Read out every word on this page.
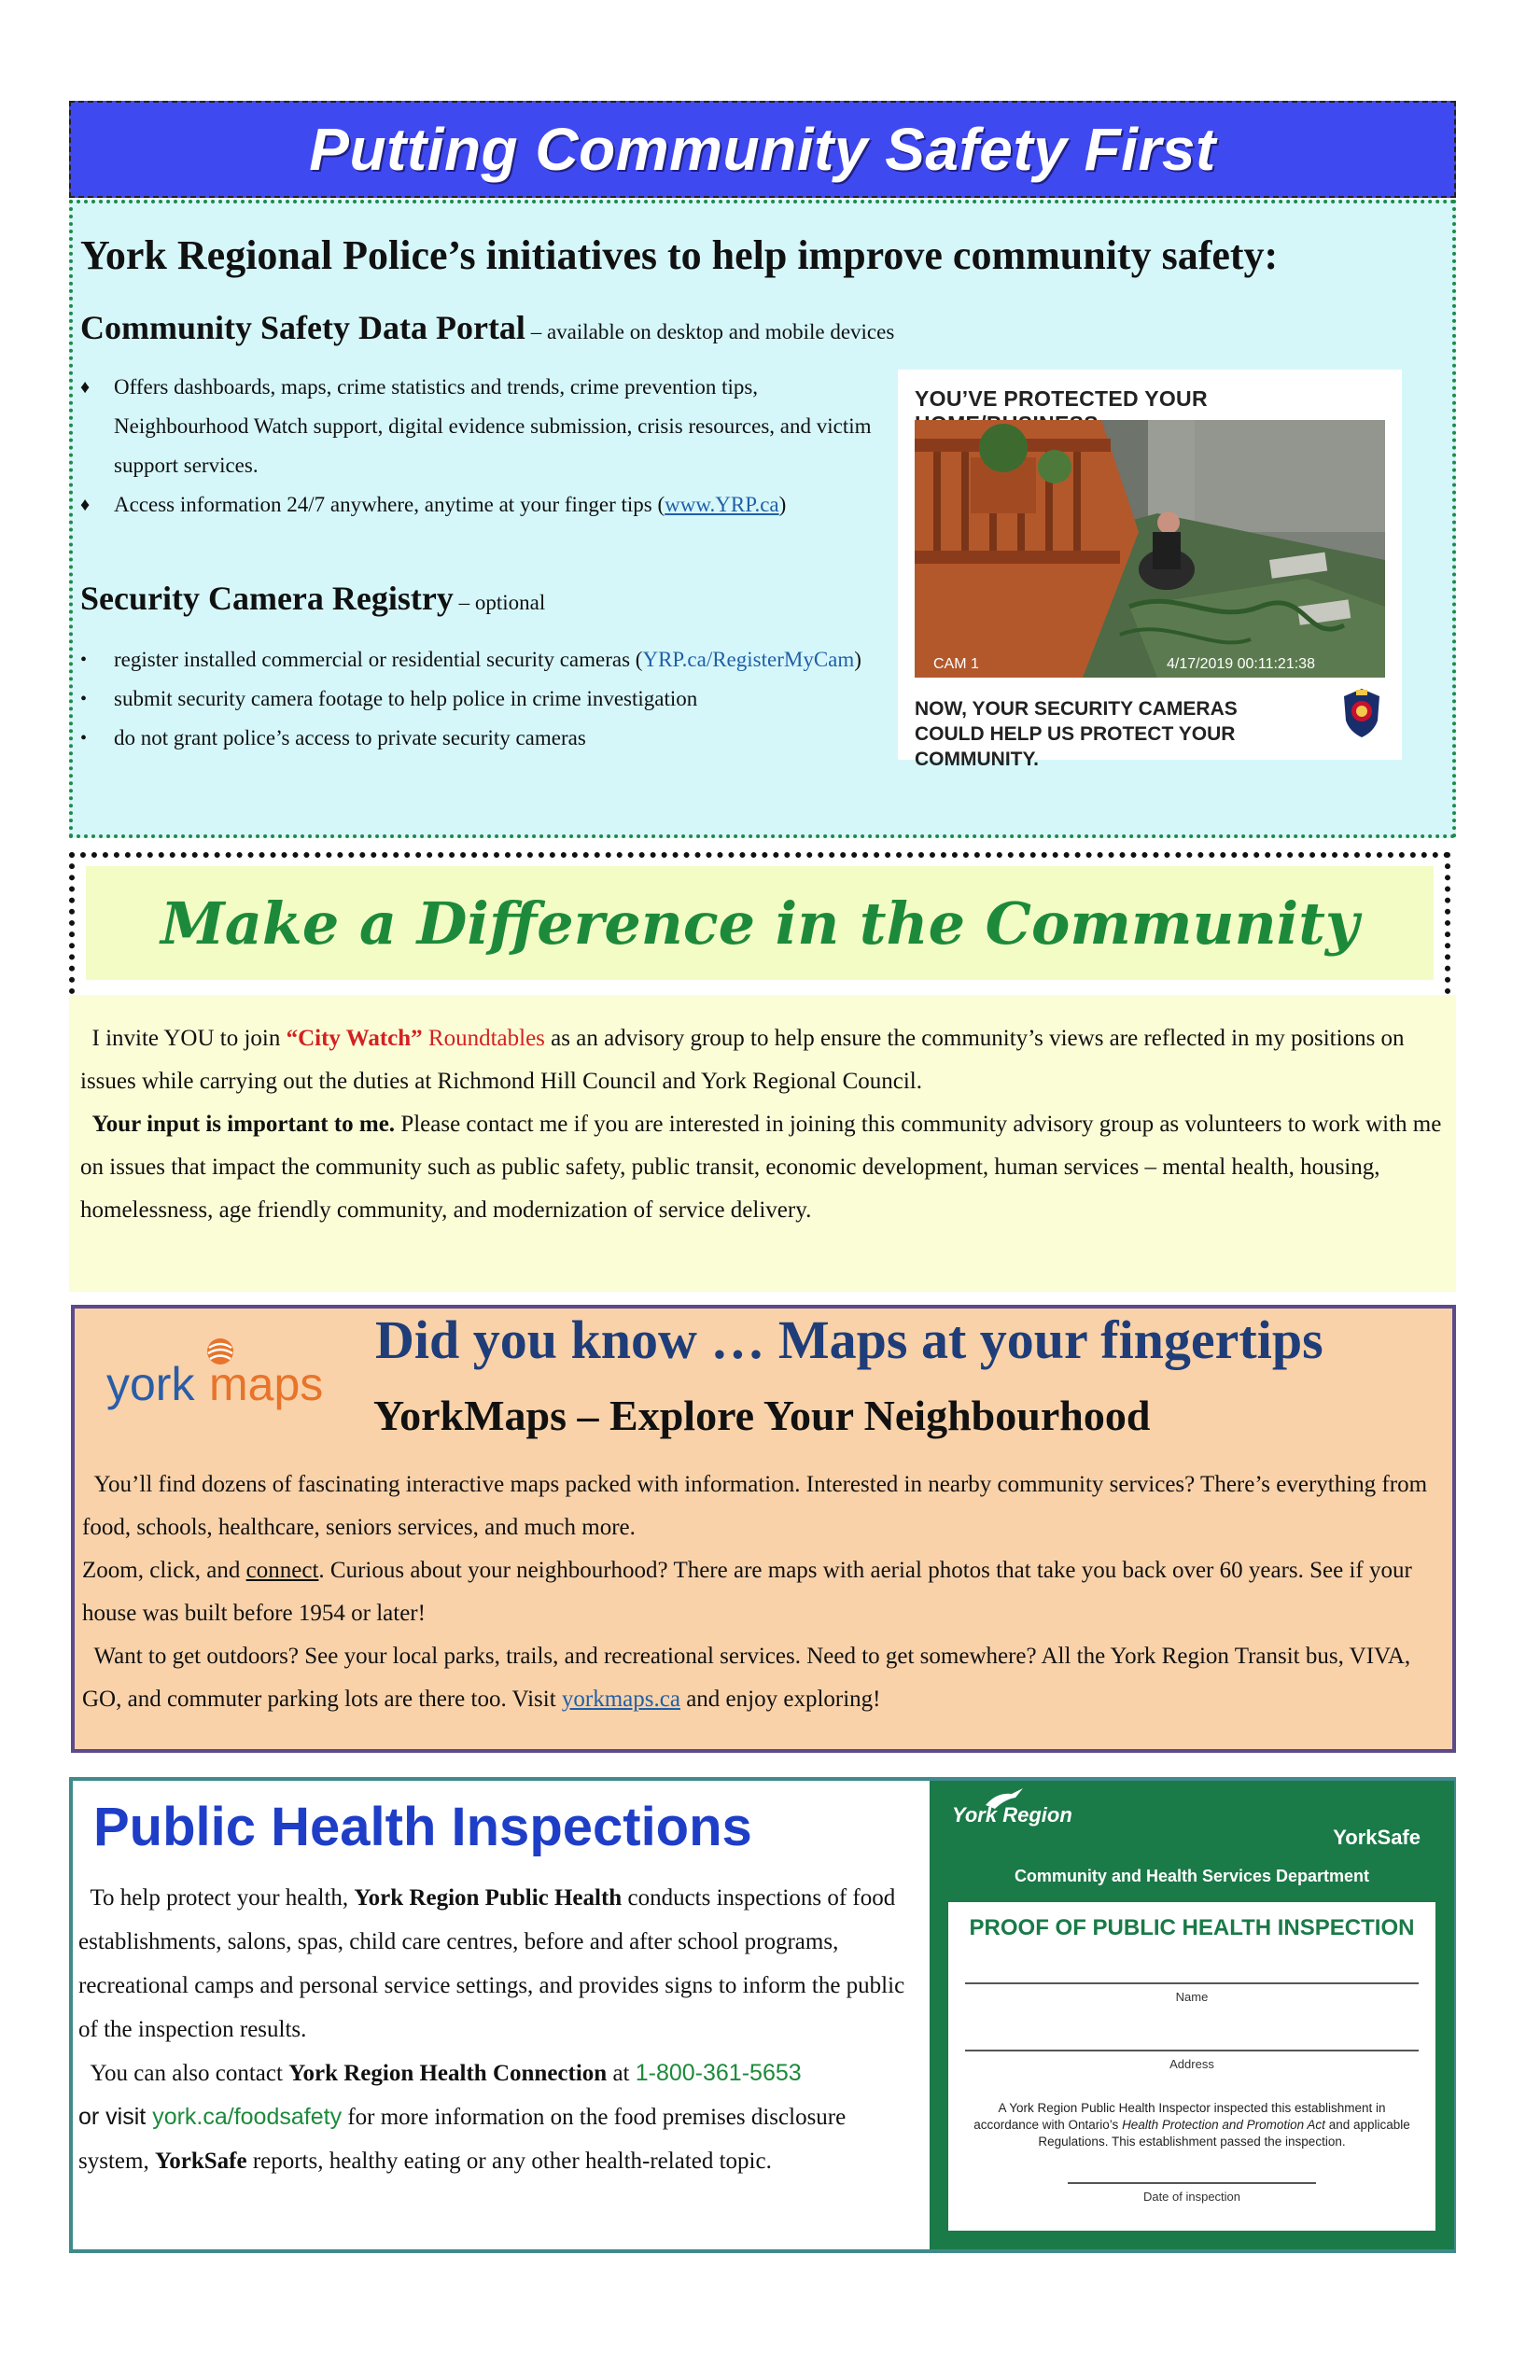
Putting Community Safety First
York Regional Police’s initiatives to help improve community safety:
Community Safety Data Portal – available on desktop and mobile devices
♦ Offers dashboards, maps, crime statistics and trends, crime prevention tips, Neighbourhood Watch support, digital evidence submission, crisis resources, and victim support services.
♦ Access information 24/7 anywhere, anytime at your finger tips (www.YRP.ca)
Security Camera Registry – optional
• register installed commercial or residential security cameras (YRP.ca/RegisterMyCam)
• submit security camera footage to help police in crime investigation
• do not grant police’s access to private security cameras
YOU’VE PROTECTED YOUR
CAM 1	4/17/2019 00:11:21:38
NOW, YOUR SECURITY CAMERAS COULD HELP US PROTECT YOUR COMMUNITY.
Make a Difference in the Community

I invite YOU to join “City Watch” Roundtables as an advisory group to help ensure the community’s views are reflected in my positions on issues while carrying out the duties at Richmond Hill Council and York Regional Council.
Your input is important to me. Please contact me if you are interested in joining this community advisory group as volunteers to work with me on issues that impact the community such as public safety, public transit, economic development, human services – mental health, housing, homelessness, age friendly community, and modernization of service delivery.

york maps
Did you know … Maps at your fingertips
YorkMaps – Explore Your Neighbourhood

You’ll find dozens of fascinating interactive maps packed with information. Interested in nearby community services? There’s everything from food, schools, healthcare, seniors services, and much more.
Zoom, click, and connect. Curious about your neighbourhood? There are maps with aerial photos that take you back over 60 years. See if your house was built before 1954 or later!
Want to get outdoors? See your local parks, trails, and recreational services. Need to get somewhere? All the York Region Transit bus, VIVA, GO, and commuter parking lots are there too. Visit yorkmaps.ca and enjoy exploring!

Public Health Inspections

To help protect your health, York Region Public Health conducts inspections of food establishments, salons, spas, child care centres, before and after school programs, recreational camps and personal service settings, and provides signs to inform the public of the inspection results.
You can also contact York Region Health Connection at 1-800-361-5653
or visit york.ca/foodsafety for more information on the food premises disclosure system, YorkSafe reports, healthy eating or any other health-related topic.

York Region
YorkSafe
Community and Health Services Department
PROOF OF PUBLIC HEALTH INSPECTION
Name
Address
A York Region Public Health Inspector inspected this establishment in accordance with Ontario’s Health Protection and Promotion Act and applicable Regulations. This establishment passed the inspection.
Date of inspection
